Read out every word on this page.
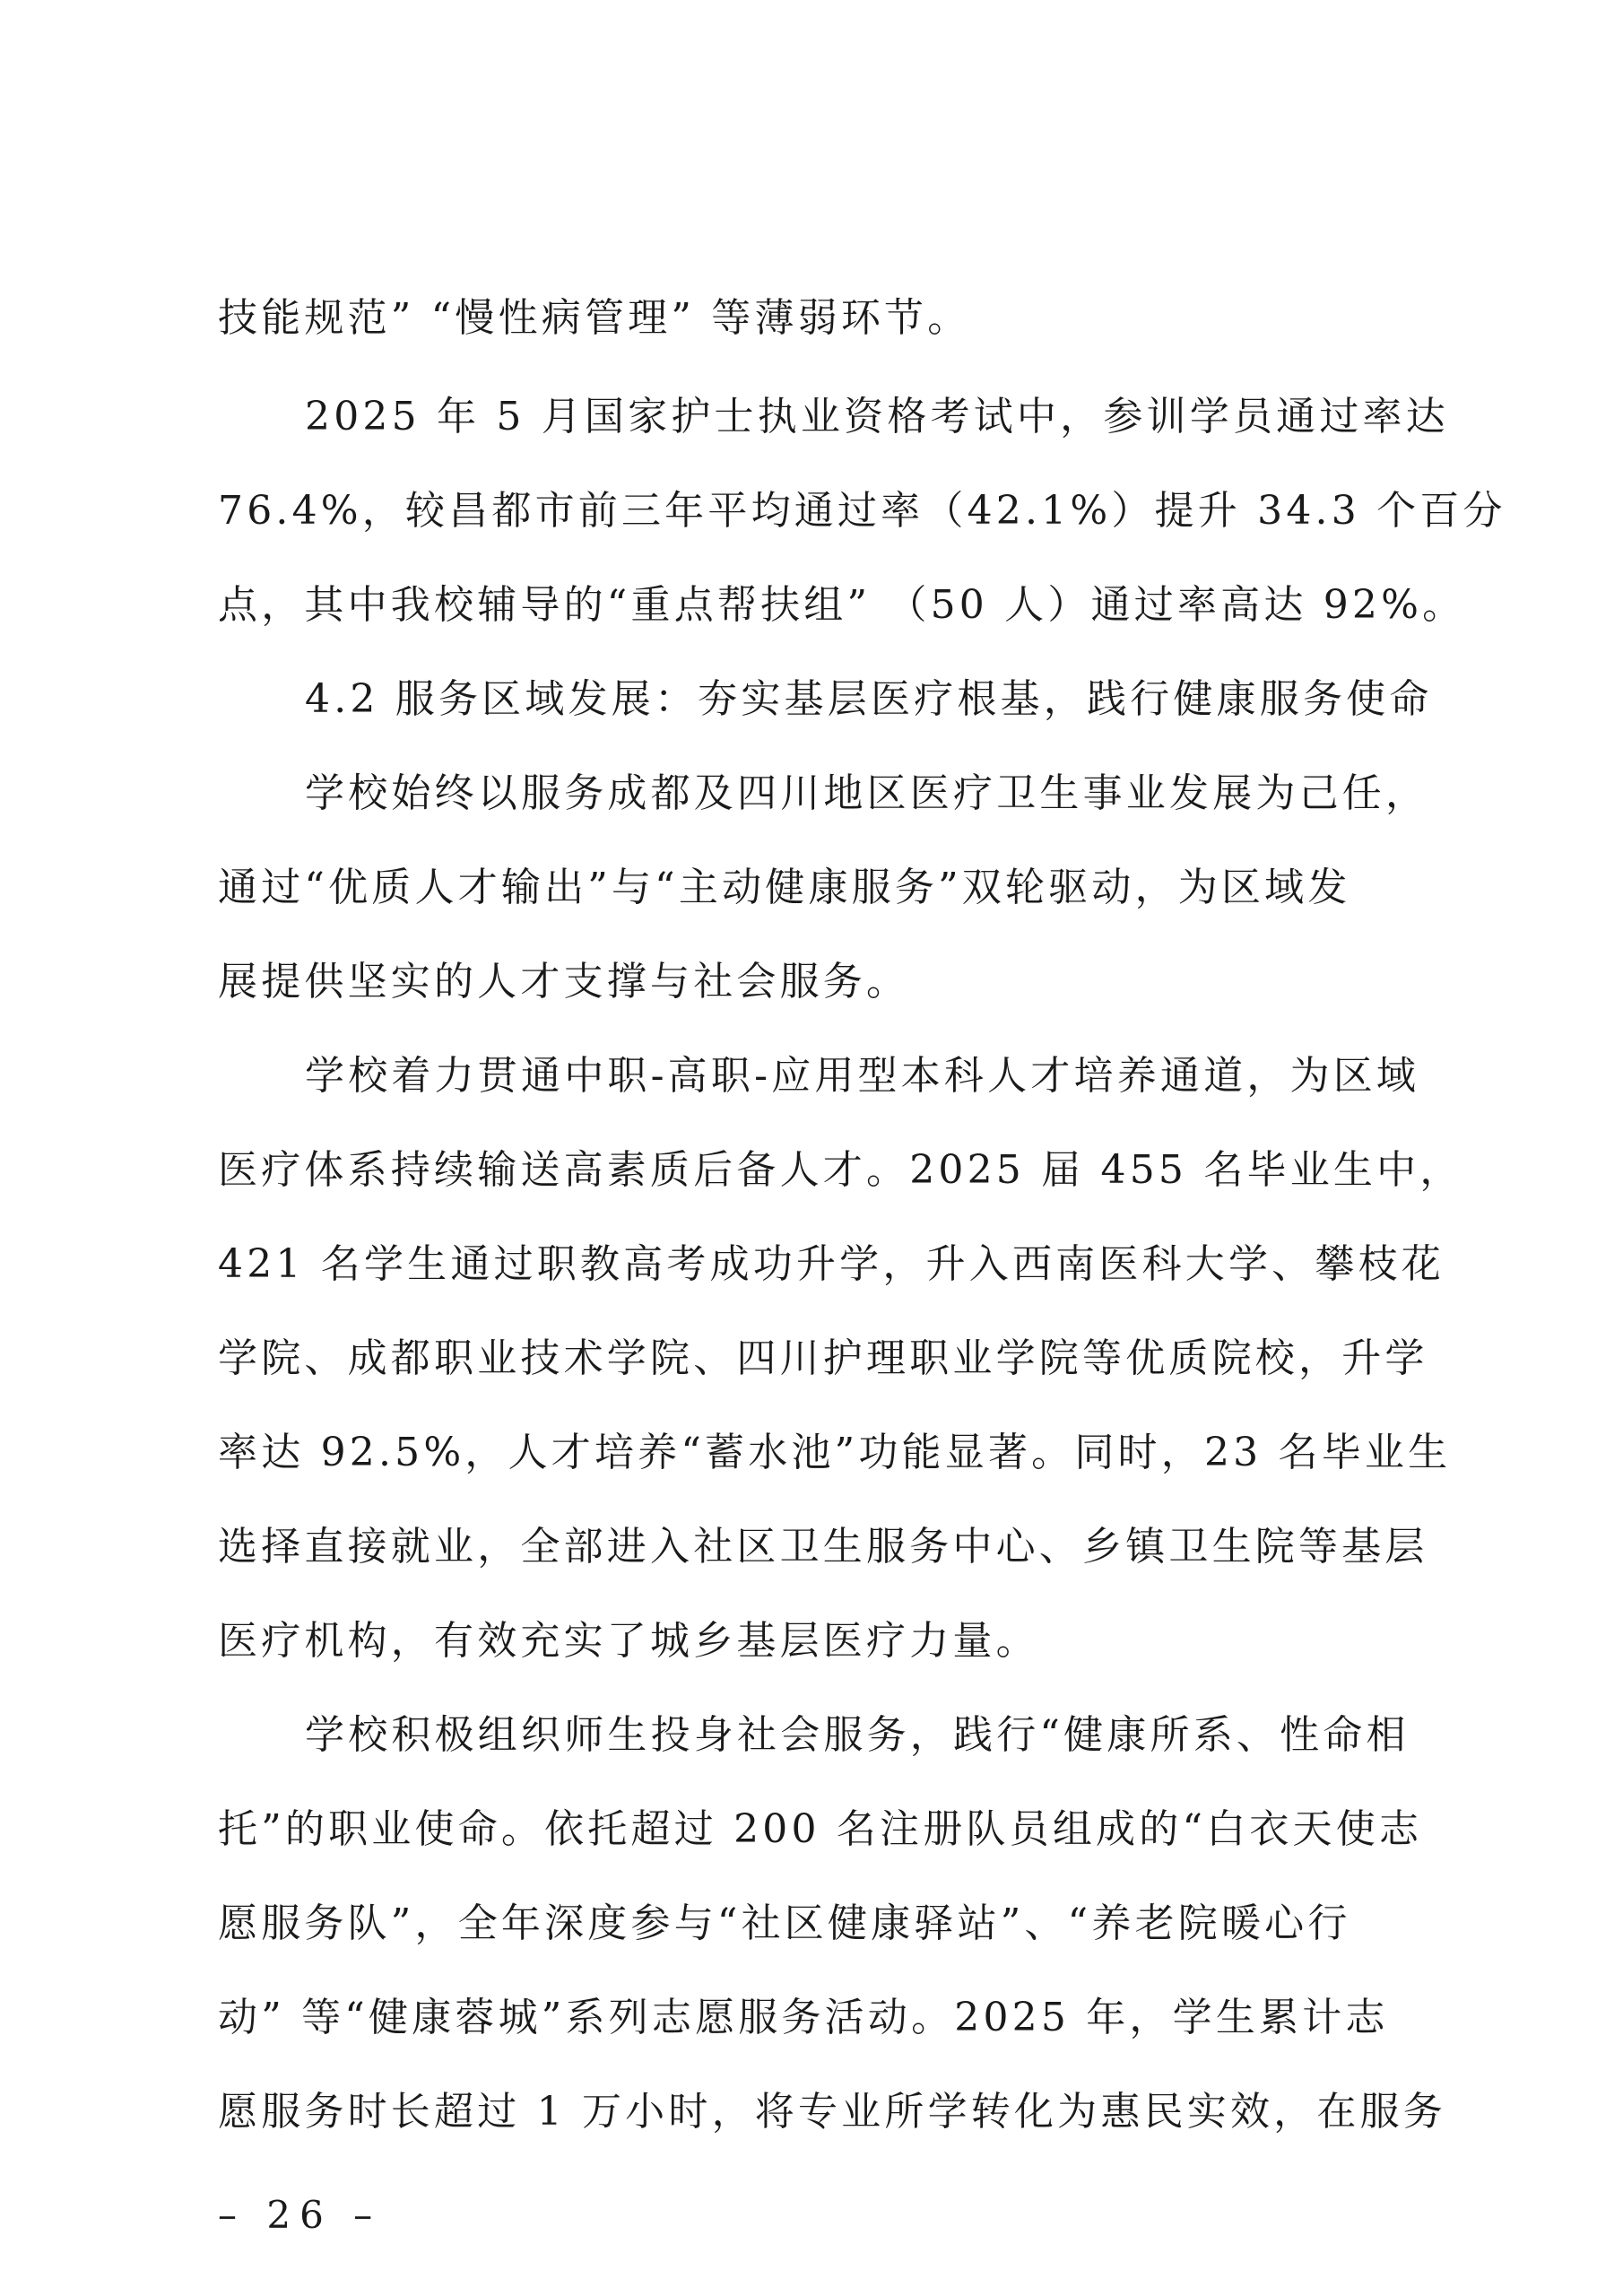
技能规范” “慢性病管理” 等薄弱环节。
2025 年 5 月国家护士执业资格考试中，参训学员通过率达
76.4%，较昌都市前三年平均通过率（42.1%）提升 34.3 个百分
点，其中我校辅导的“重点帮扶组” （50 人）通过率高达 92%。
4.2 服务区域发展：夯实基层医疗根基，践行健康服务使命
学校始终以服务成都及四川地区医疗卫生事业发展为己任，
通过“优质人才输出”与“主动健康服务”双轮驱动，为区域发
展提供坚实的人才支撑与社会服务。
学校着力贯通中职-高职-应用型本科人才培养通道，为区域
医疗体系持续输送高素质后备人才。2025 届 455 名毕业生中，
421 名学生通过职教高考成功升学，升入西南医科大学、攀枝花
学院、成都职业技术学院、四川护理职业学院等优质院校，升学
率达 92.5%，人才培养“蓄水池”功能显著。同时，23 名毕业生
选择直接就业，全部进入社区卫生服务中心、乡镇卫生院等基层
医疗机构，有效充实了城乡基层医疗力量。
学校积极组织师生投身社会服务，践行“健康所系、性命相
托”的职业使命。依托超过 200 名注册队员组成的“白衣天使志
愿服务队”，全年深度参与“社区健康驿站”、“养老院暖心行
动” 等“健康蓉城”系列志愿服务活动。2025 年，学生累计志
愿服务时长超过 1 万小时，将专业所学转化为惠民实效，在服务
– 26 –
